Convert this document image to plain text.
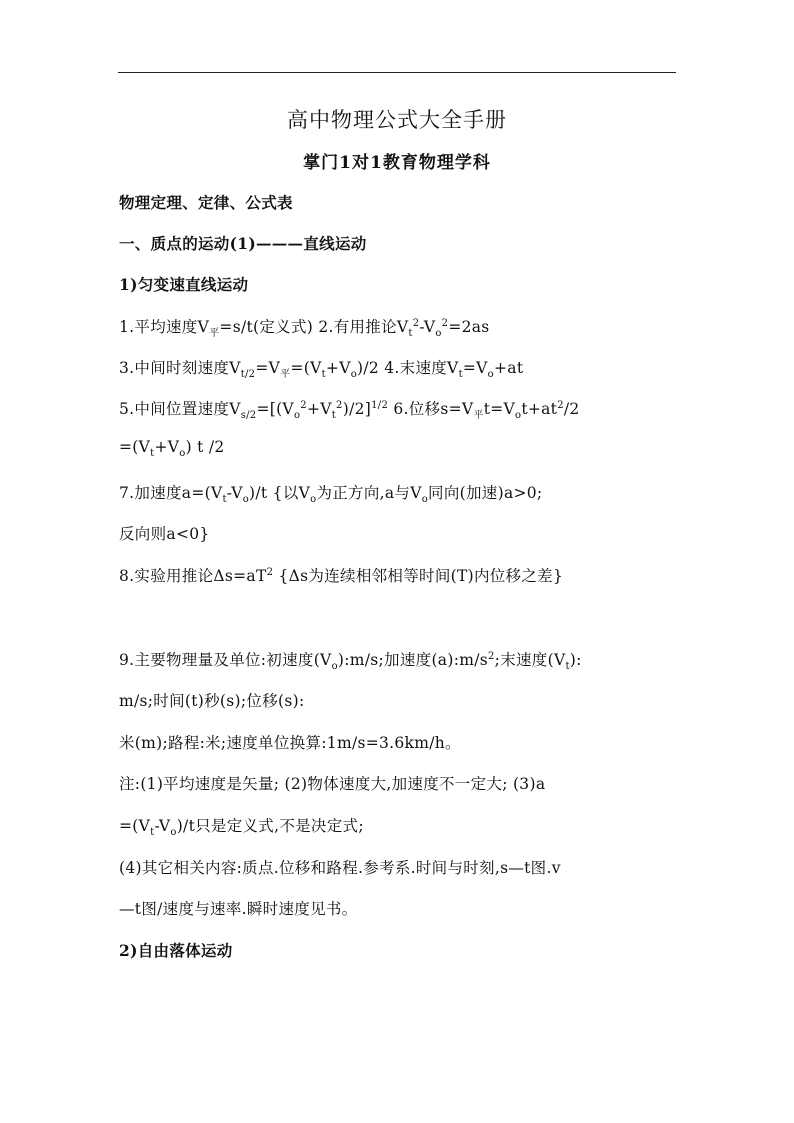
高中物理公式大全手册
掌门1对1教育物理学科
物理定理、定律、公式表
一、质点的运动(1)———直线运动
1)匀变速直线运动
1.平均速度$V_平=s/t$(定义式) 2.有用推论$V_t^2-V_o^2=2as$
3.中间时刻速度$V_{t/2}=V_平=(V_t+V_o)/2$ 4.末速度$V_t=V_o+at$
5.中间位置速度$V_{s/2}=[(V_o^2+V_t^2)/2]^{1/2}$ 6.位移$s=V_平t=V_ot+at^2/2$
$=(V_t+V_o)$ t /2
7.加速度$a=(V_t-V_o)/t$ {以$V_o$为正方向,a与$V_o$同向(加速)a>0;
反向则a<0}
8.实验用推论$\Delta s=aT^2$ {Δs为连续相邻相等时间(T)内位移之差}
9.主要物理量及单位:初速度$(V_o):m/s$;加速度$(a):m/s^2$;末速度$(V_t)$:
m/s;时间(t)秒(s);位移(s):
米(m);路程:米;速度单位换算:1m/s=3.6km/h。
注:(1)平均速度是矢量; (2)物体速度大,加速度不一定大; (3)a
$=(V_t-V_o)/t$只是定义式,不是决定式;
(4)其它相关内容:质点.位移和路程.参考系.时间与时刻,s—t图.v
—t图/速度与速率.瞬时速度见书。
2)自由落体运动
